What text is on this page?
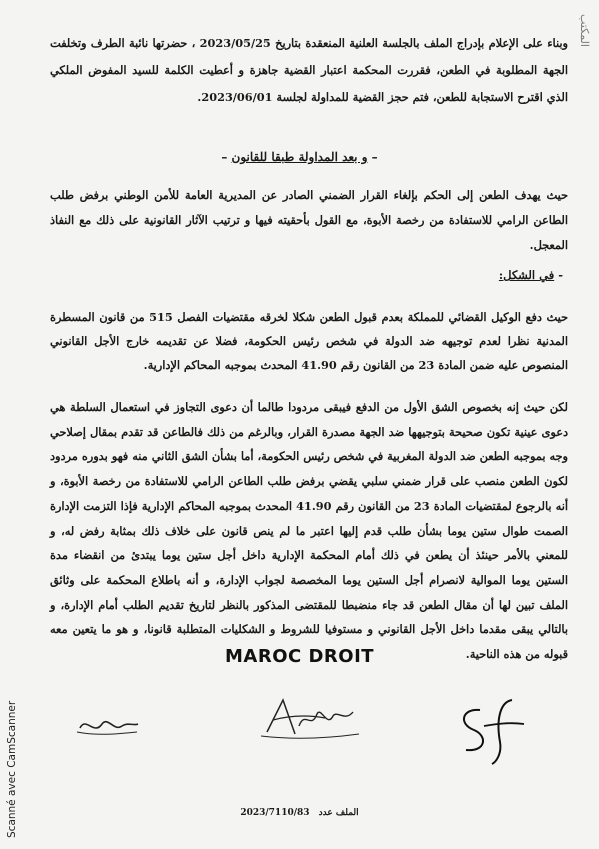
المكتب
وبناء على الإعلام بإدراج الملف بالجلسة العلنية المنعقدة بتاريخ 2023/05/25 ، حضرتها نائبة الطرف وتخلفت الجهة المطلوبة في الطعن، فقررت المحكمة اعتبار القضية جاهزة و أعطيت الكلمة للسيد المفوض الملكي الذي اقترح الاستجابة للطعن، فتم حجز القضية للمداولة لجلسة 2023/06/01.
– و بعد المداولة طبقا للقانون –
حيث يهدف الطعن إلى الحكم بإلغاء القرار الضمني الصادر عن المديرية العامة للأمن الوطني برفض طلب الطاعن الرامي للاستفادة من رخصة الأبوة، مع القول بأحقيته فيها و ترتيب الآثار القانونية على ذلك مع النفاذ المعجل.
- في الشكل:
حيث دفع الوكيل القضائي للمملكة بعدم قبول الطعن شكلا لخرقه مقتضيات الفصل 515 من قانون المسطرة المدنية نظرا لعدم توجيهه ضد الدولة في شخص رئيس الحكومة، فضلا عن تقديمه خارج الأجل القانوني المنصوص عليه ضمن المادة 23 من القانون رقم 41.90 المحدث بموجبه المحاكم الإدارية.
لكن حيث إنه بخصوص الشق الأول من الدفع فيبقى مردودا طالما أن دعوى التجاوز في استعمال السلطة هي دعوى عينية تكون صحيحة بتوجيهها ضد الجهة مصدرة القرار، وبالرغم من ذلك فالطاعن قد تقدم بمقال إصلاحي وجه بموجبه الطعن ضد الدولة المغربية في شخص رئيس الحكومة، أما بشأن الشق الثاني منه فهو بدوره مردود لكون الطعن منصب على قرار ضمني سلبي يقضي برفض طلب الطاعن الرامي للاستفادة من رخصة الأبوة، و أنه بالرجوع لمقتضيات المادة 23 من القانون رقم 41.90 المحدث بموجبه المحاكم الإدارية فإذا التزمت الإدارة الصمت طوال ستين يوما بشأن طلب قدم إليها اعتبر ما لم ينص قانون على خلاف ذلك بمثابة رفض له، و للمعني بالأمر حينئذ أن يطعن في ذلك أمام المحكمة الإدارية داخل أجل ستين يوما يبتدئ من انقضاء مدة الستين يوما الموالية لانصرام أجل الستين يوما المخصصة لجواب الإدارة، و أنه باطلاع المحكمة على وثائق الملف تبين لها أن مقال الطعن قد جاء منضبطا للمقتضى المذكور بالنظر لتاريخ تقديم الطلب أمام الإدارة، و بالتالي يبقى مقدما داخل الأجل القانوني و مستوفيا للشروط و الشكليات المتطلبة قانونا، و هو ما يتعين معه قبوله من هذه الناحية.
MAROC DROIT
الملف عدد 2023/7110/83
Scanné avec CamScanner
